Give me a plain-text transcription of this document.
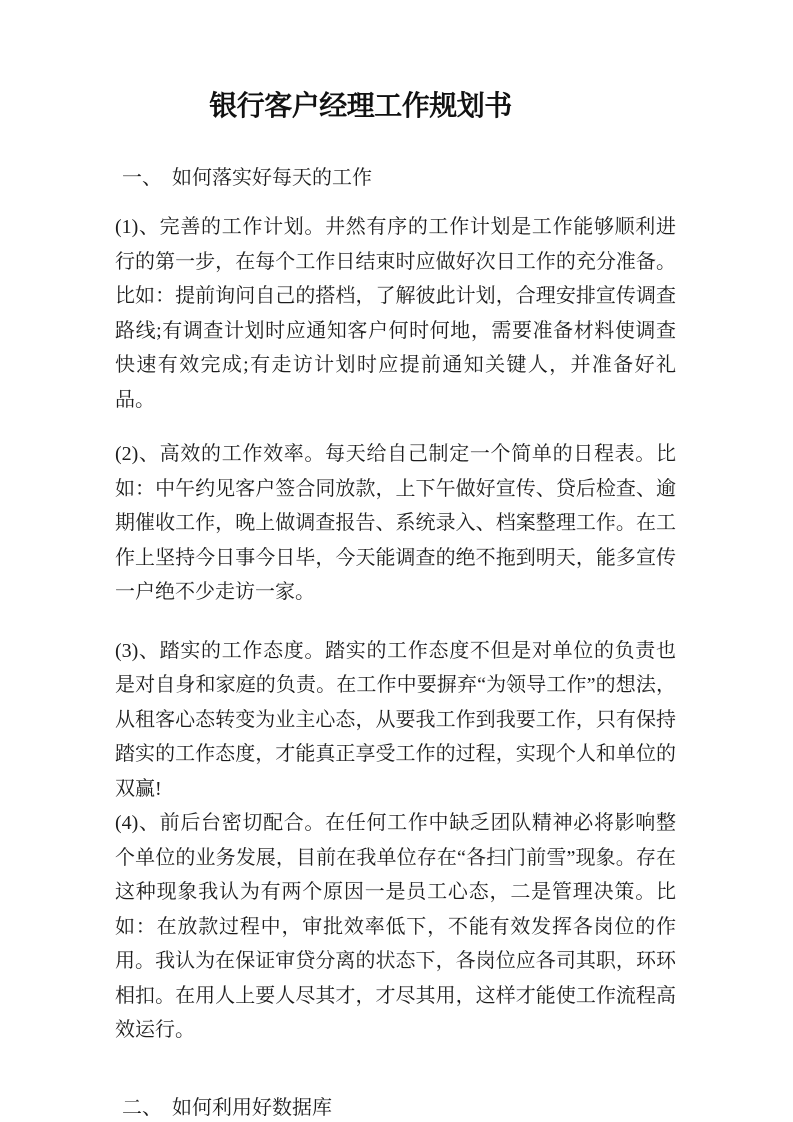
银行客户经理工作规划书
一、　如何落实好每天的工作

(1)、完善的工作计划。井然有序的工作计划是工作能够顺利进行的第一步，在每个工作日结束时应做好次日工作的充分准备。比如：提前询问自己的搭档，了解彼此计划，合理安排宣传调查路线;有调查计划时应通知客户何时何地，需要准备材料使调查快速有效完成;有走访计划时应提前通知关键人，并准备好礼品。

(2)、高效的工作效率。每天给自己制定一个简单的日程表。比如：中午约见客户签合同放款，上下午做好宣传、贷后检查、逾期催收工作，晚上做调查报告、系统录入、档案整理工作。在工作上坚持今日事今日毕，今天能调查的绝不拖到明天，能多宣传一户绝不少走访一家。

(3)、踏实的工作态度。踏实的工作态度不但是对单位的负责也是对自身和家庭的负责。在工作中要摒弃“为领导工作”的想法，从租客心态转变为业主心态，从要我工作到我要工作，只有保持踏实的工作态度，才能真正享受工作的过程，实现个人和单位的双赢!

(4)、前后台密切配合。在任何工作中缺乏团队精神必将影响整个单位的业务发展，目前在我单位存在“各扫门前雪”现象。存在这种现象我认为有两个原因一是员工心态，二是管理决策。比如：在放款过程中，审批效率低下，不能有效发挥各岗位的作用。我认为在保证审贷分离的状态下，各岗位应各司其职，环环相扣。在用人上要人尽其才，才尽其用，这样才能使工作流程高效运行。

二、　如何利用好数据库
